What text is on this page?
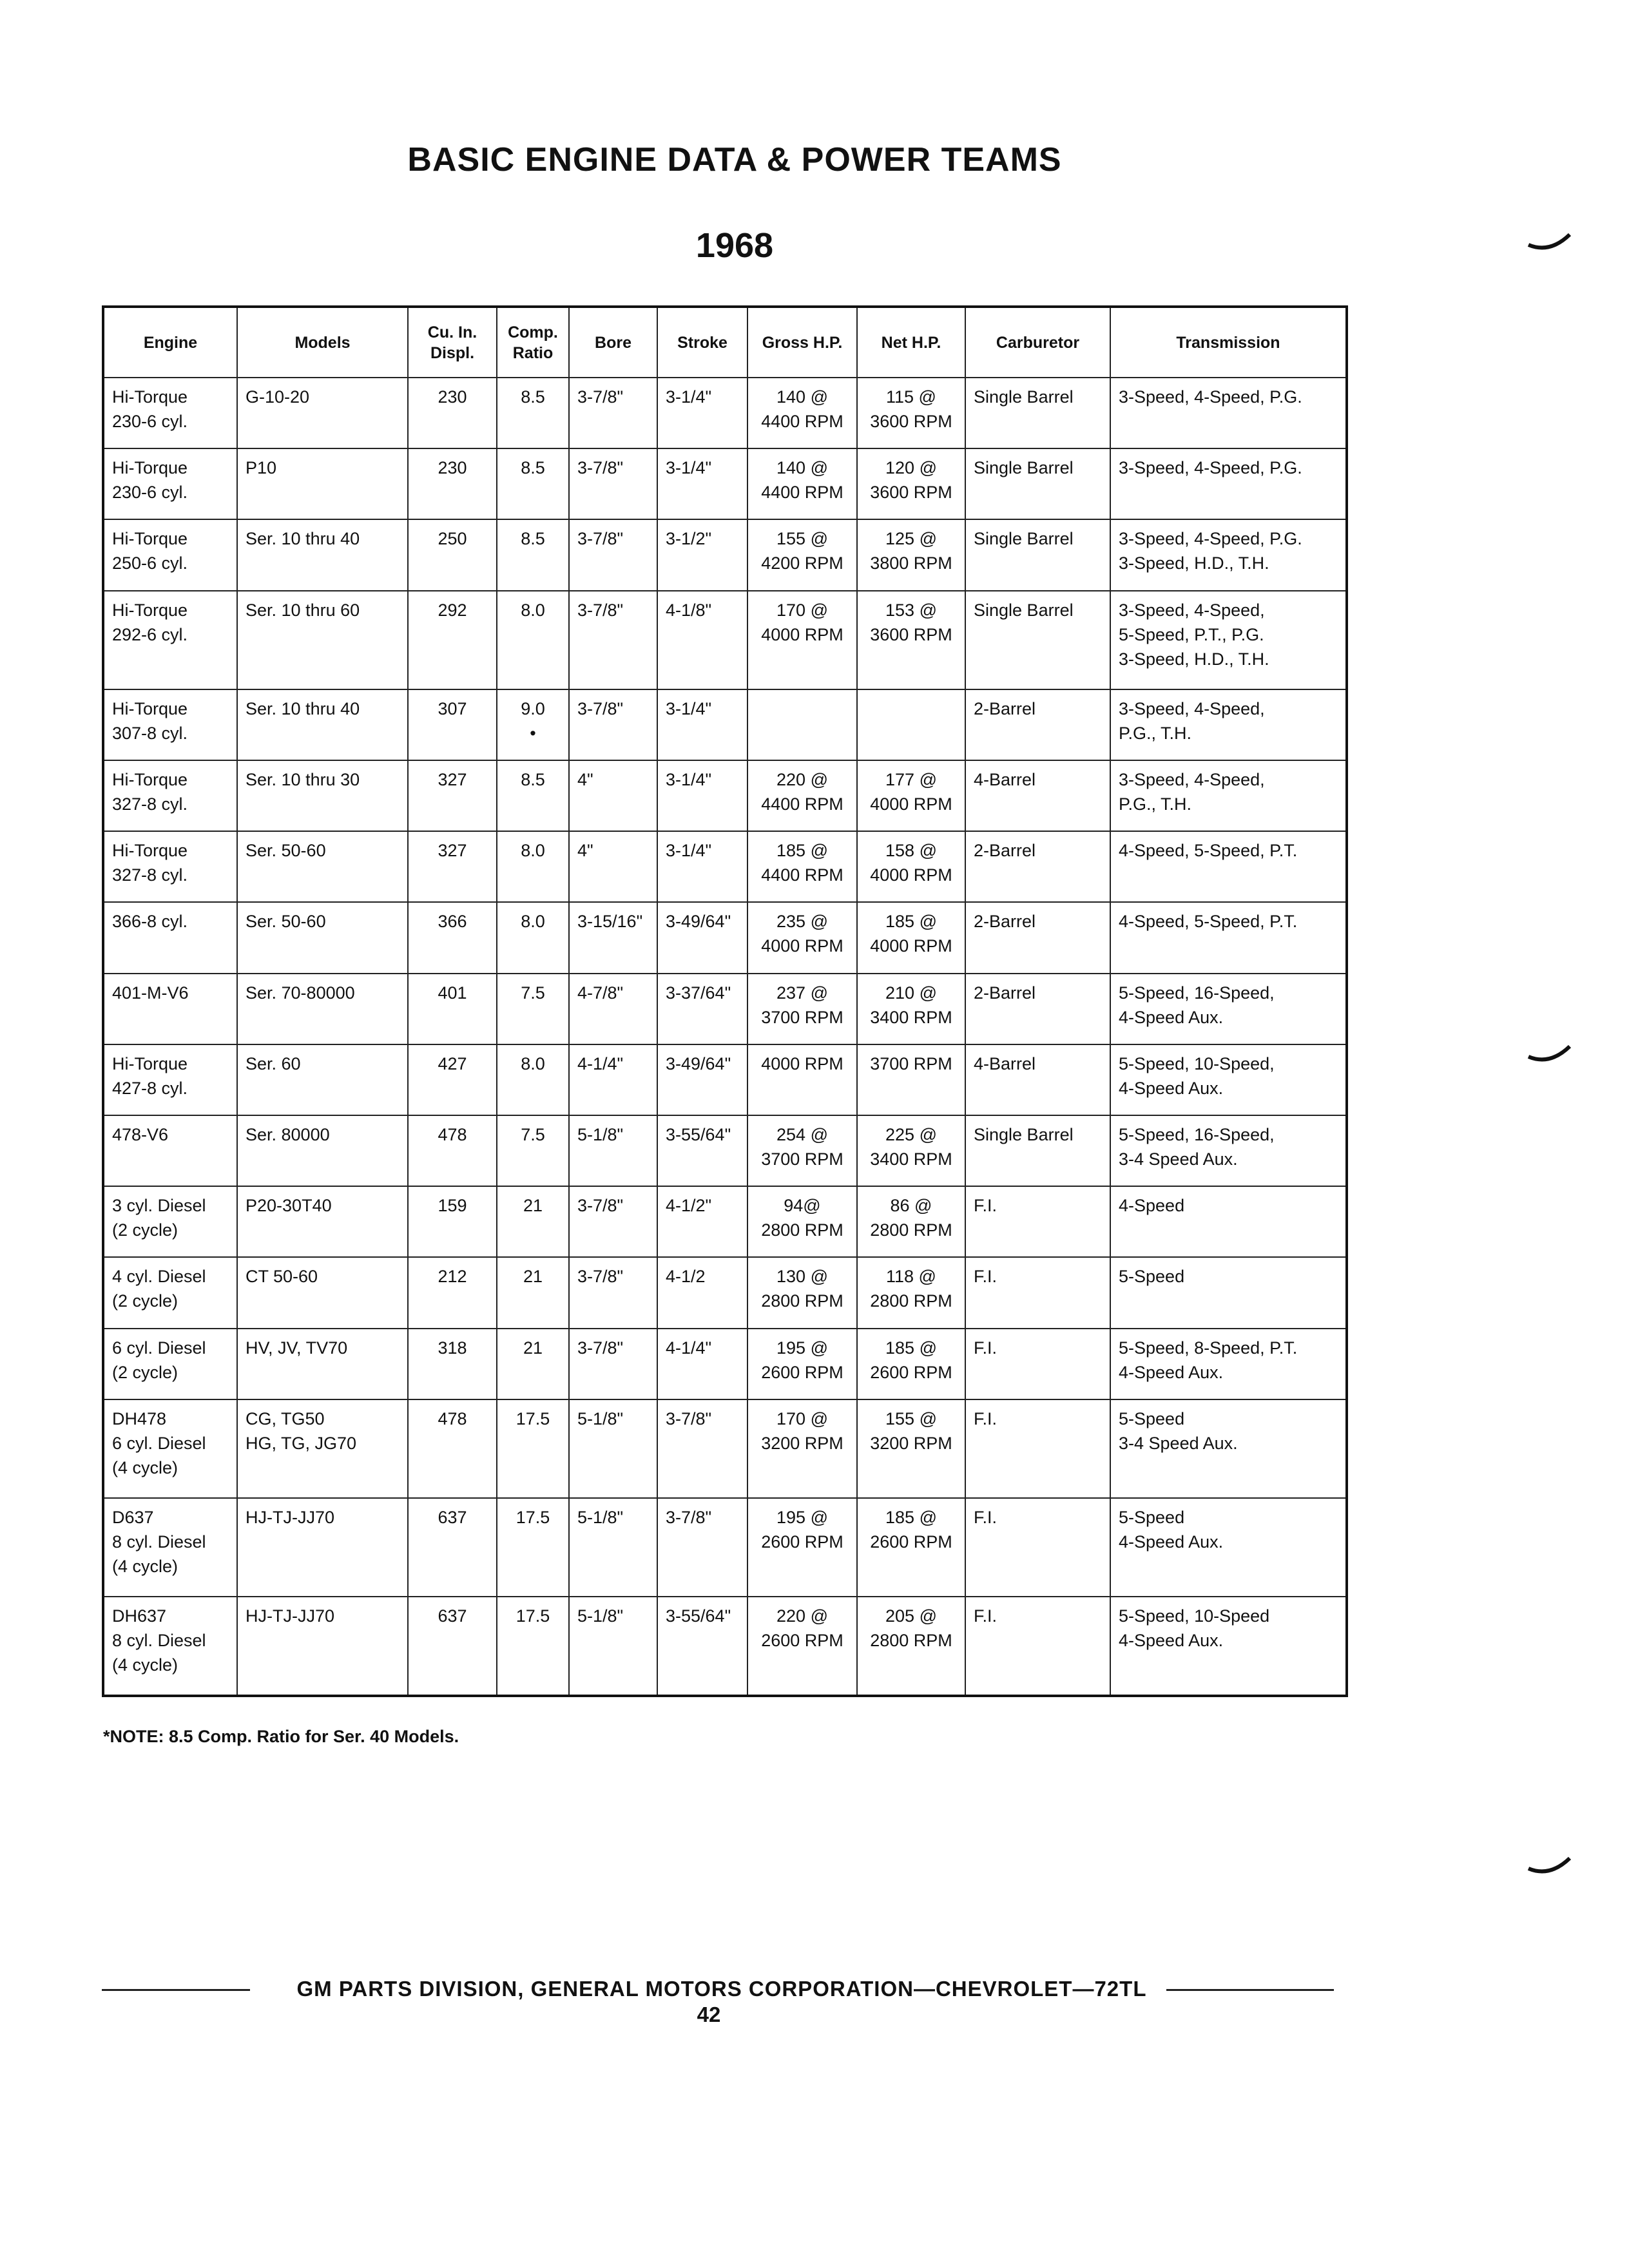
BASIC ENGINE DATA & POWER TEAMS
1968
Engine	Models	Cu. In. Displ.	Comp. Ratio	Bore	Stroke	Gross H.P.	Net H.P.	Carburetor	Transmission
Hi-Torque
230-6 cyl.	G-10-20	230	8.5	3-7/8"	3-1/4"	140 @
4400 RPM	115 @
3600 RPM	Single Barrel	3-Speed, 4-Speed, P.G.
Hi-Torque
230-6 cyl.	P10	230	8.5	3-7/8"	3-1/4"	140 @
4400 RPM	120 @
3600 RPM	Single Barrel	3-Speed, 4-Speed, P.G.
Hi-Torque
250-6 cyl.	Ser. 10 thru 40	250	8.5	3-7/8"	3-1/2"	155 @
4200 RPM	125 @
3800 RPM	Single Barrel	3-Speed, 4-Speed, P.G.
3-Speed, H.D., T.H.
Hi-Torque
292-6 cyl.	Ser. 10 thru 60	292	8.0	3-7/8"	4-1/8"	170 @
4000 RPM	153 @
3600 RPM	Single Barrel	3-Speed, 4-Speed,
5-Speed, P.T., P.G.
3-Speed, H.D., T.H.
Hi-Torque
307-8 cyl.	Ser. 10 thru 40	307	9.0
•	3-7/8"	3-1/4"			2-Barrel	3-Speed, 4-Speed,
P.G., T.H.
Hi-Torque
327-8 cyl.	Ser. 10 thru 30	327	8.5	4"	3-1/4"	220 @
4400 RPM	177 @
4000 RPM	4-Barrel	3-Speed, 4-Speed,
P.G., T.H.
Hi-Torque
327-8 cyl.	Ser. 50-60	327	8.0	4"	3-1/4"	185 @
4400 RPM	158 @
4000 RPM	2-Barrel	4-Speed, 5-Speed, P.T.
366-8 cyl.	Ser. 50-60	366	8.0	3-15/16"	3-49/64"	235 @
4000 RPM	185 @
4000 RPM	2-Barrel	4-Speed, 5-Speed, P.T.
401-M-V6	Ser. 70-80000	401	7.5	4-7/8"	3-37/64"	237 @
3700 RPM	210 @
3400 RPM	2-Barrel	5-Speed, 16-Speed,
4-Speed Aux.
Hi-Torque
427-8 cyl.	Ser. 60	427	8.0	4-1/4"	3-49/64"	4000 RPM	3700 RPM	4-Barrel	5-Speed, 10-Speed,
4-Speed Aux.
478-V6	Ser. 80000	478	7.5	5-1/8"	3-55/64"	254 @
3700 RPM	225 @
3400 RPM	Single Barrel	5-Speed, 16-Speed,
3-4 Speed Aux.
3 cyl. Diesel
(2 cycle)	P20-30T40	159	21	3-7/8"	4-1/2"	94@
2800 RPM	86 @
2800 RPM	F.I.	4-Speed
4 cyl. Diesel
(2 cycle)	CT 50-60	212	21	3-7/8"	4-1/2	130 @
2800 RPM	118 @
2800 RPM	F.I.	5-Speed
6 cyl. Diesel
(2 cycle)	HV, JV, TV70	318	21	3-7/8"	4-1/4"	195 @
2600 RPM	185 @
2600 RPM	F.I.	5-Speed, 8-Speed, P.T.
4-Speed Aux.
DH478
6 cyl. Diesel
(4 cycle)	CG, TG50
HG, TG, JG70	478	17.5	5-1/8"	3-7/8"	170 @
3200 RPM	155 @
3200 RPM	F.I.	5-Speed
3-4 Speed Aux.
D637
8 cyl. Diesel
(4 cycle)	HJ-TJ-JJ70	637	17.5	5-1/8"	3-7/8"	195 @
2600 RPM	185 @
2600 RPM	F.I.	5-Speed
4-Speed Aux.
DH637
8 cyl. Diesel
(4 cycle)	HJ-TJ-JJ70	637	17.5	5-1/8"	3-55/64"	220 @
2600 RPM	205 @
2800 RPM	F.I.	5-Speed, 10-Speed
4-Speed Aux.
*NOTE: 8.5 Comp. Ratio for Ser. 40 Models.
GM PARTS DIVISION, GENERAL MOTORS CORPORATION—CHEVROLET—72TL
42
